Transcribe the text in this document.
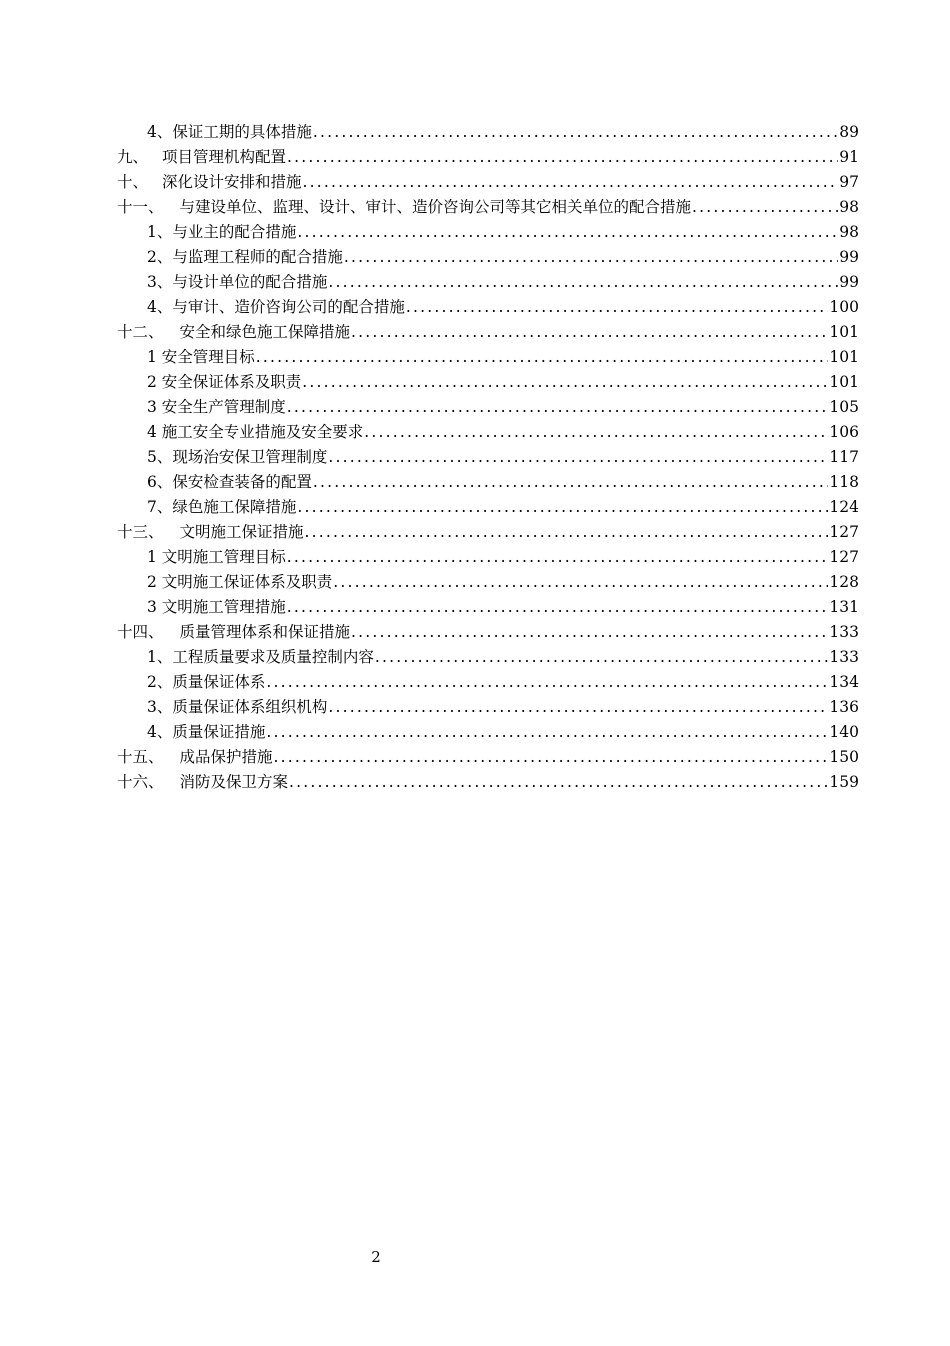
4、保证工期的具体措施 .....	89
九、 项目管理机构配置 .....	91
十、 深化设计安排和措施 .....	97
十一、 与建设单位、监理、设计、审计、造价咨询公司等其它相关单位的配合措施 .....	98
1、与业主的配合措施 .....	98
2、与监理工程师的配合措施 .....	99
3、与设计单位的配合措施 .....	99
4、与审计、造价咨询公司的配合措施 .....	100
十二、 安全和绿色施工保障措施 .....	101
1 安全管理目标 .....	101
2 安全保证体系及职责 .....	101
3 安全生产管理制度 .....	105
4 施工安全专业措施及安全要求 .....	106
5、现场治安保卫管理制度 .....	117
6、保安检查装备的配置 .....	118
7、绿色施工保障措施 .....	124
十三、 文明施工保证措施 .....	127
1 文明施工管理目标 .....	127
2 文明施工保证体系及职责 .....	128
3 文明施工管理措施 .....	131
十四、 质量管理体系和保证措施 .....	133
1、工程质量要求及质量控制内容 .....	133
2、质量保证体系 .....	134
3、质量保证体系组织机构 .....	136
4、质量保证措施 .....	140
十五、 成品保护措施 .....	150
十六、 消防及保卫方案 .....	159
2
